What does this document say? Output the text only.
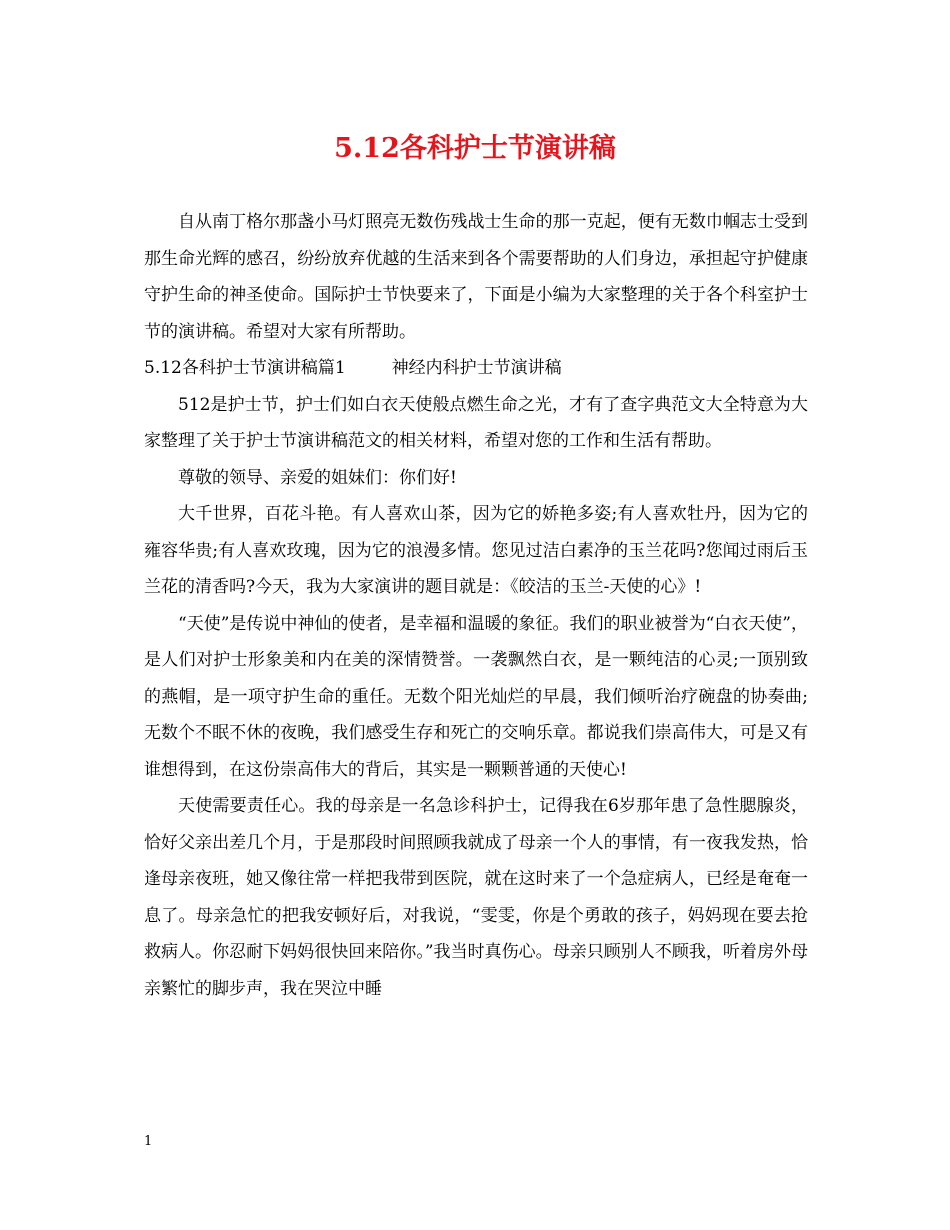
5.12各科护士节演讲稿

自从南丁格尔那盏小马灯照亮无数伤残战士生命的那一克起，便有无数巾帼志士受到那生命光辉的感召，纷纷放弃优越的生活来到各个需要帮助的人们身边，承担起守护健康守护生命的神圣使命。国际护士节快要来了，下面是小编为大家整理的关于各个科室护士节的演讲稿。希望对大家有所帮助。

5.12各科护士节演讲稿篇1	神经内科护士节演讲稿

512是护士节，护士们如白衣天使般点燃生命之光，才有了查字典范文大全特意为大家整理了关于护士节演讲稿范文的相关材料，希望对您的工作和生活有帮助。

尊敬的领导、亲爱的姐妹们：你们好!

大千世界，百花斗艳。有人喜欢山茶，因为它的娇艳多姿;有人喜欢牡丹，因为它的雍容华贵;有人喜欢玫瑰，因为它的浪漫多情。您见过洁白素净的玉兰花吗?您闻过雨后玉兰花的清香吗?今天，我为大家演讲的题目就是：《皎洁的玉兰-天使的心》!

“天使”是传说中神仙的使者，是幸福和温暖的象征。我们的职业被誉为“白衣天使”，是人们对护士形象美和内在美的深情赞誉。一袭飘然白衣，是一颗纯洁的心灵;一顶别致的燕帽，是一项守护生命的重任。无数个阳光灿烂的早晨，我们倾听治疗碗盘的协奏曲;无数个不眠不休的夜晚，我们感受生存和死亡的交响乐章。都说我们崇高伟大，可是又有谁想得到，在这份崇高伟大的背后，其实是一颗颗普通的天使心!

天使需要责任心。我的母亲是一名急诊科护士，记得我在6岁那年患了急性腮腺炎，恰好父亲出差几个月，于是那段时间照顾我就成了母亲一个人的事情，有一夜我发热，恰逢母亲夜班，她又像往常一样把我带到医院，就在这时来了一个急症病人，已经是奄奄一息了。母亲急忙的把我安顿好后，对我说，“雯雯，你是个勇敢的孩子，妈妈现在要去抢救病人。你忍耐下妈妈很快回来陪你。”我当时真伤心。母亲只顾别人不顾我，听着房外母亲繁忙的脚步声，我在哭泣中睡

1
